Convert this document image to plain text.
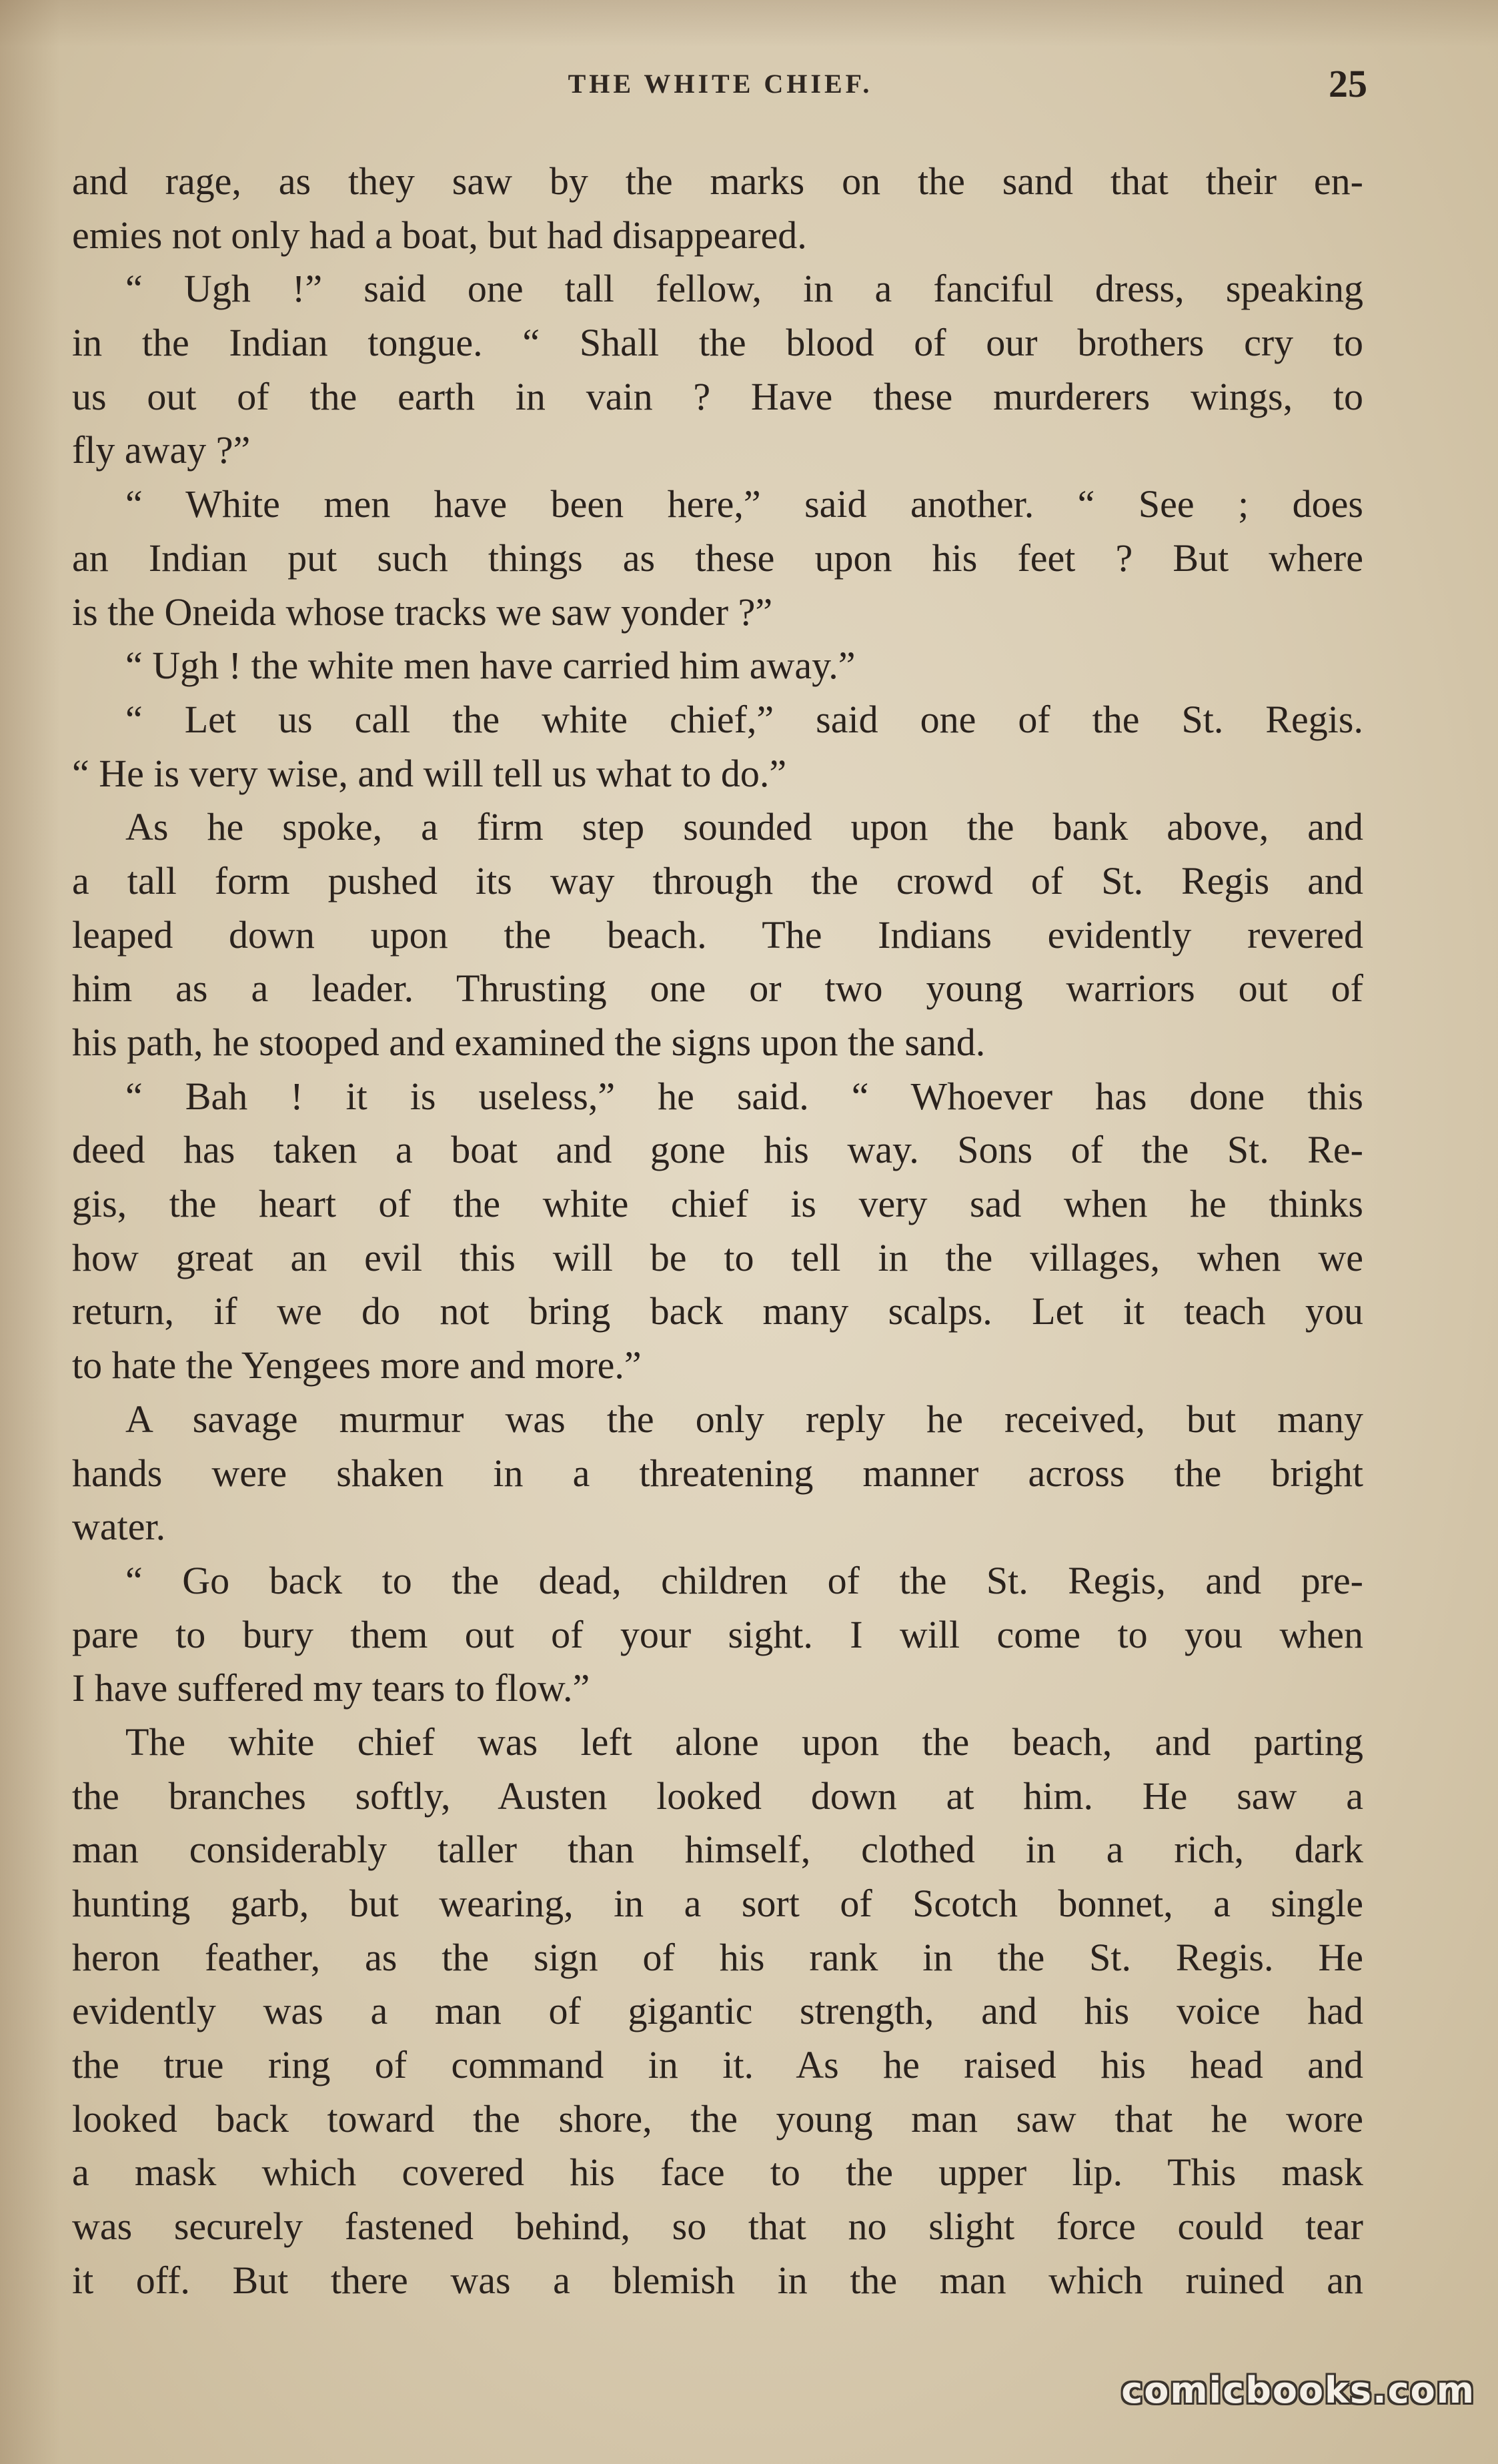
THE WHITE CHIEF.	25
and rage, as they saw by the marks on the sand that their en-
emies not only had a boat, but had disappeared.
“ Ugh !” said one tall fellow, in a fanciful dress, speaking
in the Indian tongue. “ Shall the blood of our brothers cry to
us out of the earth in vain ? Have these murderers wings, to
fly away ?”
“ White men have been here,” said another. “ See ; does
an Indian put such things as these upon his feet ? But where
is the Oneida whose tracks we saw yonder ?”
“ Ugh ! the white men have carried him away.”
“ Let us call the white chief,” said one of the St. Regis.
“ He is very wise, and will tell us what to do.”
As he spoke, a firm step sounded upon the bank above, and
a tall form pushed its way through the crowd of St. Regis and
leaped down upon the beach. The Indians evidently revered
him as a leader. Thrusting one or two young warriors out of
his path, he stooped and examined the signs upon the sand.
“ Bah ! it is useless,” he said. “ Whoever has done this
deed has taken a boat and gone his way. Sons of the St. Re-
gis, the heart of the white chief is very sad when he thinks
how great an evil this will be to tell in the villages, when we
return, if we do not bring back many scalps. Let it teach you
to hate the Yengees more and more.”
A savage murmur was the only reply he received, but many
hands were shaken in a threatening manner across the bright
water.
“ Go back to the dead, children of the St. Regis, and pre-
pare to bury them out of your sight. I will come to you when
I have suffered my tears to flow.”
The white chief was left alone upon the beach, and parting
the branches softly, Austen looked down at him. He saw a
man considerably taller than himself, clothed in a rich, dark
hunting garb, but wearing, in a sort of Scotch bonnet, a single
heron feather, as the sign of his rank in the St. Regis. He
evidently was a man of gigantic strength, and his voice had
the true ring of command in it. As he raised his head and
looked back toward the shore, the young man saw that he wore
a mask which covered his face to the upper lip. This mask
was securely fastened behind, so that no slight force could tear
it off. But there was a blemish in the man which ruined an
comicbooks.com
